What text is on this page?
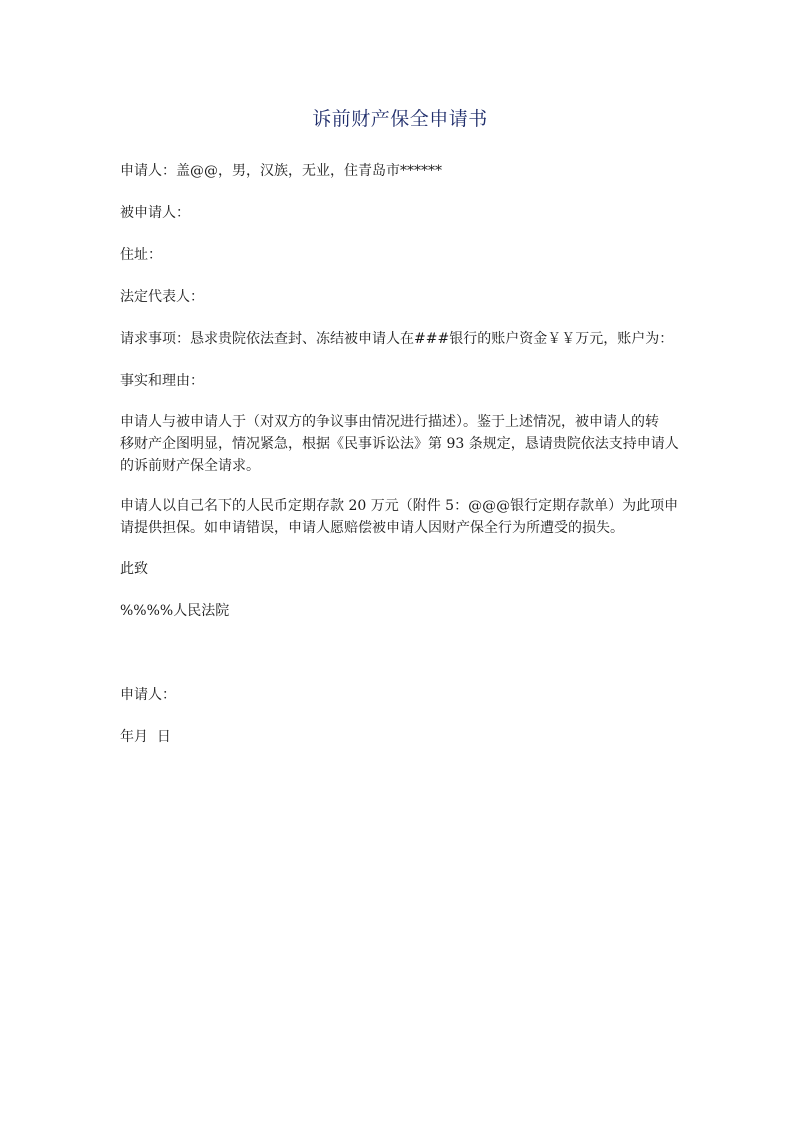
诉前财产保全申请书

申请人：盖@@，男，汉族，无业，住青岛市******

被申请人：

住址：

法定代表人：

请求事项：恳求贵院依法查封、冻结被申请人在###银行的账户资金￥￥万元，账户为：

事实和理由：

申请人与被申请人于（对双方的争议事由情况进行描述）。鉴于上述情况，被申请人的转
移财产企图明显，情况紧急，根据《民事诉讼法》第 93 条规定，恳请贵院依法支持申请人
的诉前财产保全请求。

申请人以自己名下的人民币定期存款 20 万元（附件 5：@@@银行定期存款单）为此项申
请提供担保。如申请错误，申请人愿赔偿被申请人因财产保全行为所遭受的损失。

此致

%%%%人民法院

申请人：

年月  日
